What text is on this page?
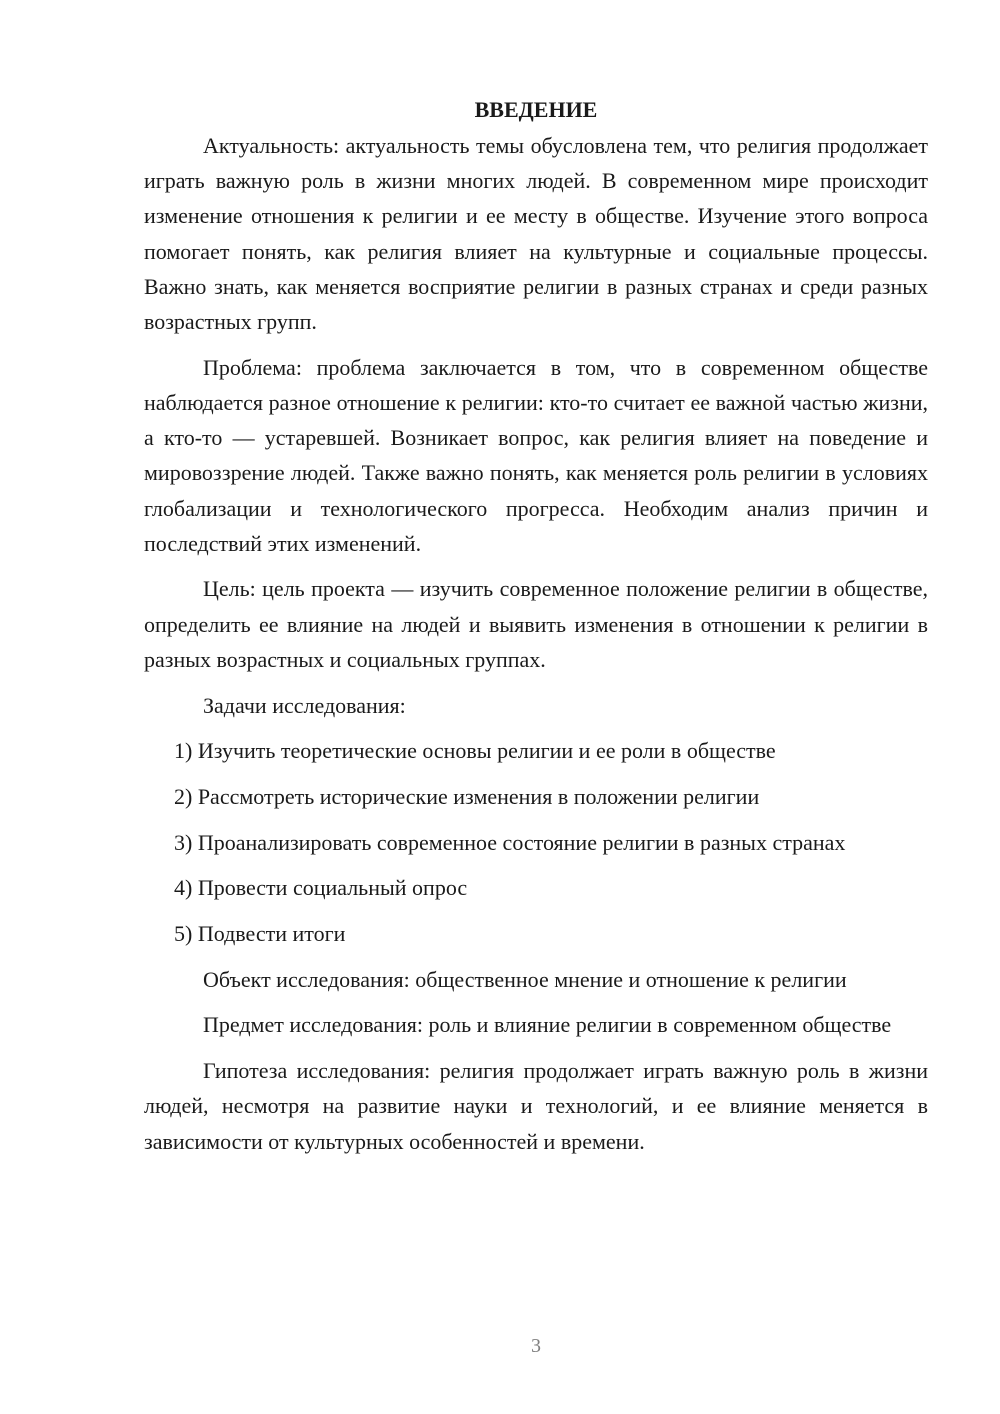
ВВЕДЕНИЕ

Актуальность: актуальность темы обусловлена тем, что религия продолжает играть важную роль в жизни многих людей. В современном мире происходит изменение отношения к религии и ее месту в обществе. Изучение этого вопроса помогает понять, как религия влияет на культурные и социальные процессы. Важно знать, как меняется восприятие религии в разных странах и среди разных возрастных групп.

Проблема: проблема заключается в том, что в современном обществе наблюдается разное отношение к религии: кто-то считает ее важной частью жизни, а кто-то — устаревшей. Возникает вопрос, как религия влияет на поведение и мировоззрение людей. Также важно понять, как меняется роль религии в условиях глобализации и технологического прогресса. Необходим анализ причин и последствий этих изменений.

Цель: цель проекта — изучить современное положение религии в обществе, определить ее влияние на людей и выявить изменения в отношении к религии в разных возрастных и социальных группах.

Задачи исследования:

1) Изучить теоретические основы религии и ее роли в обществе

2) Рассмотреть исторические изменения в положении религии

3) Проанализировать современное состояние религии в разных странах

4) Провести социальный опрос

5) Подвести итоги

Объект исследования: общественное мнение и отношение к религии

Предмет исследования: роль и влияние религии в современном обществе

Гипотеза исследования: религия продолжает играть важную роль в жизни людей, несмотря на развитие науки и технологий, и ее влияние меняется в зависимости от культурных особенностей и времени.

3
